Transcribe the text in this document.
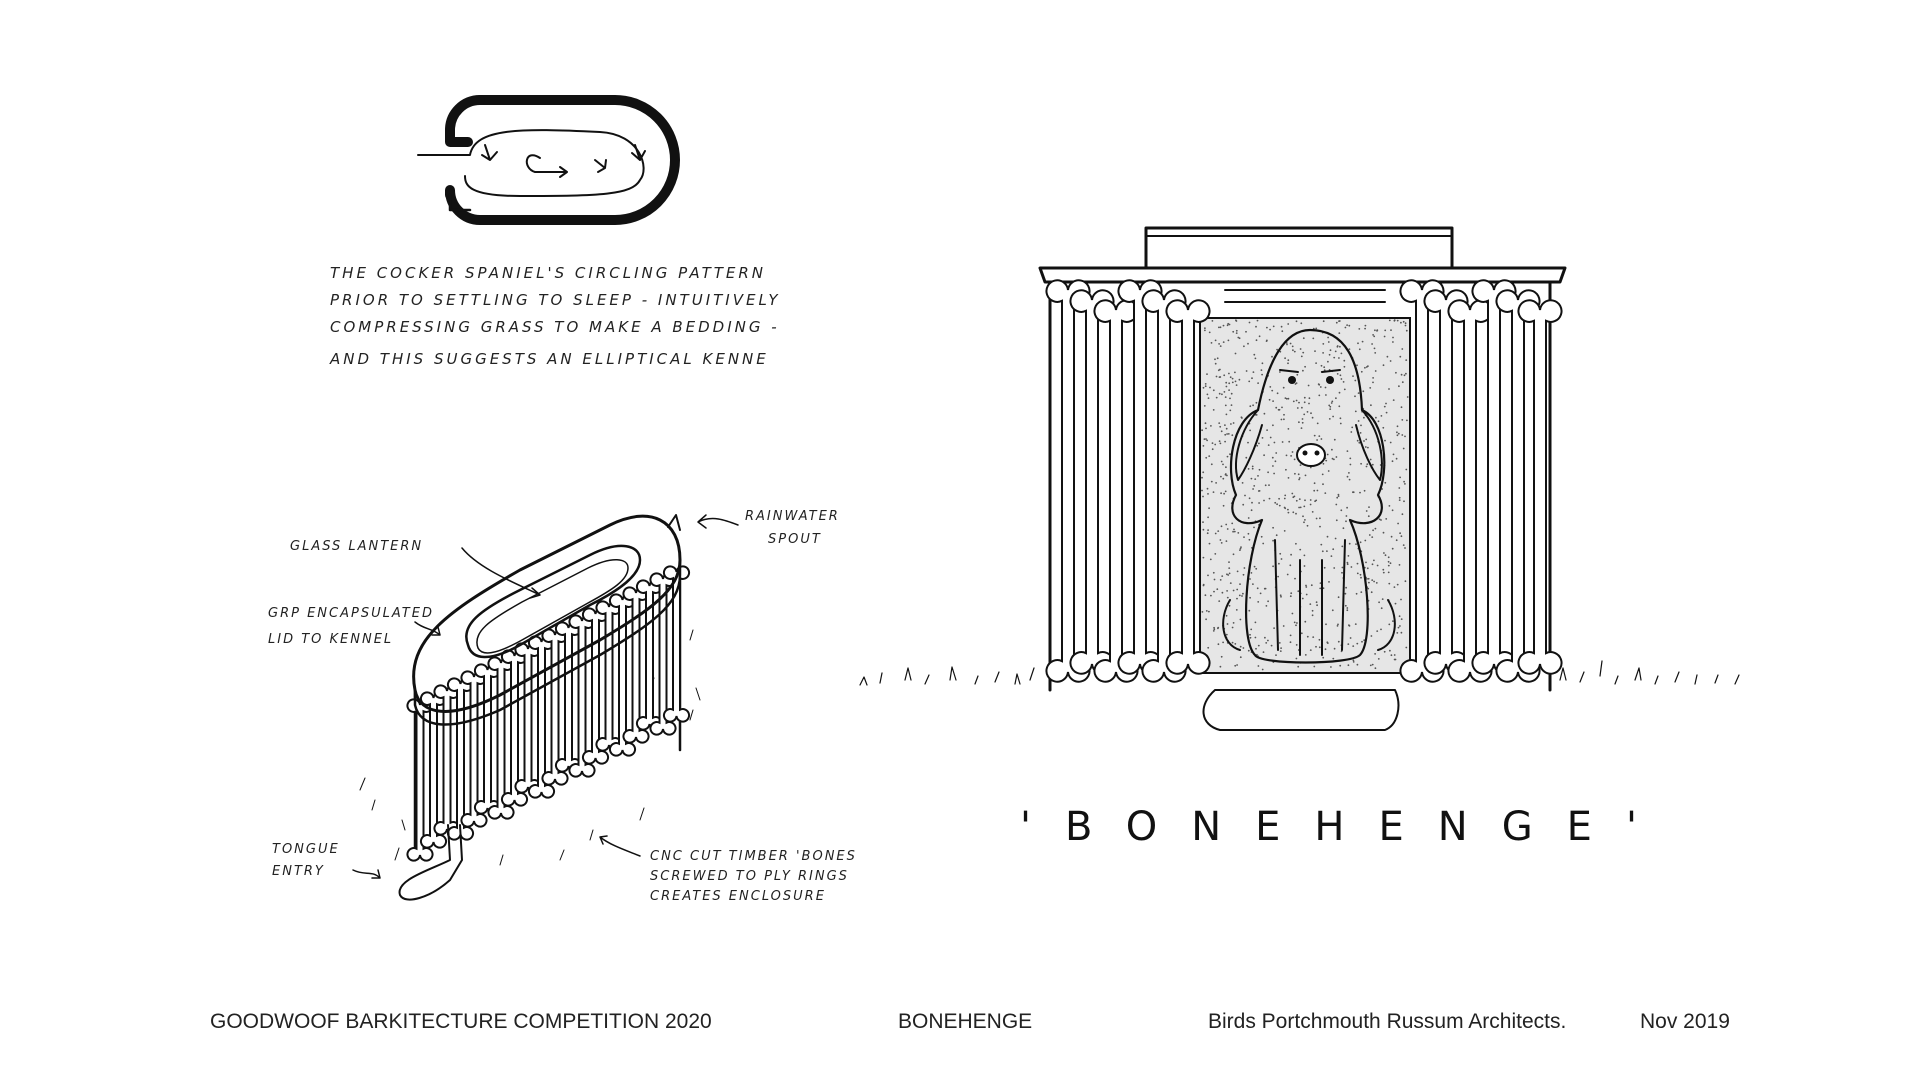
THE COCKER SPANIEL'S CIRCLING PATTERN
PRIOR TO SETTLING TO SLEEP - INTUITIVELY
COMPRESSING GRASS TO MAKE A BEDDING -
AND THIS SUGGESTS AN ELLIPTICAL KENNE
GLASS LANTERN
GRP ENCAPSULATED
LID TO KENNEL
RAINWATER
SPOUT
TONGUE
ENTRY
CNC CUT TIMBER 'BONES
SCREWED TO PLY RINGS
CREATES ENCLOSURE
'BONEHENGE'
GOODWOOF BARKITECTURE COMPETITION 2020	BONEHENGE	Birds Portchmouth Russum Architects.	Nov 2019
